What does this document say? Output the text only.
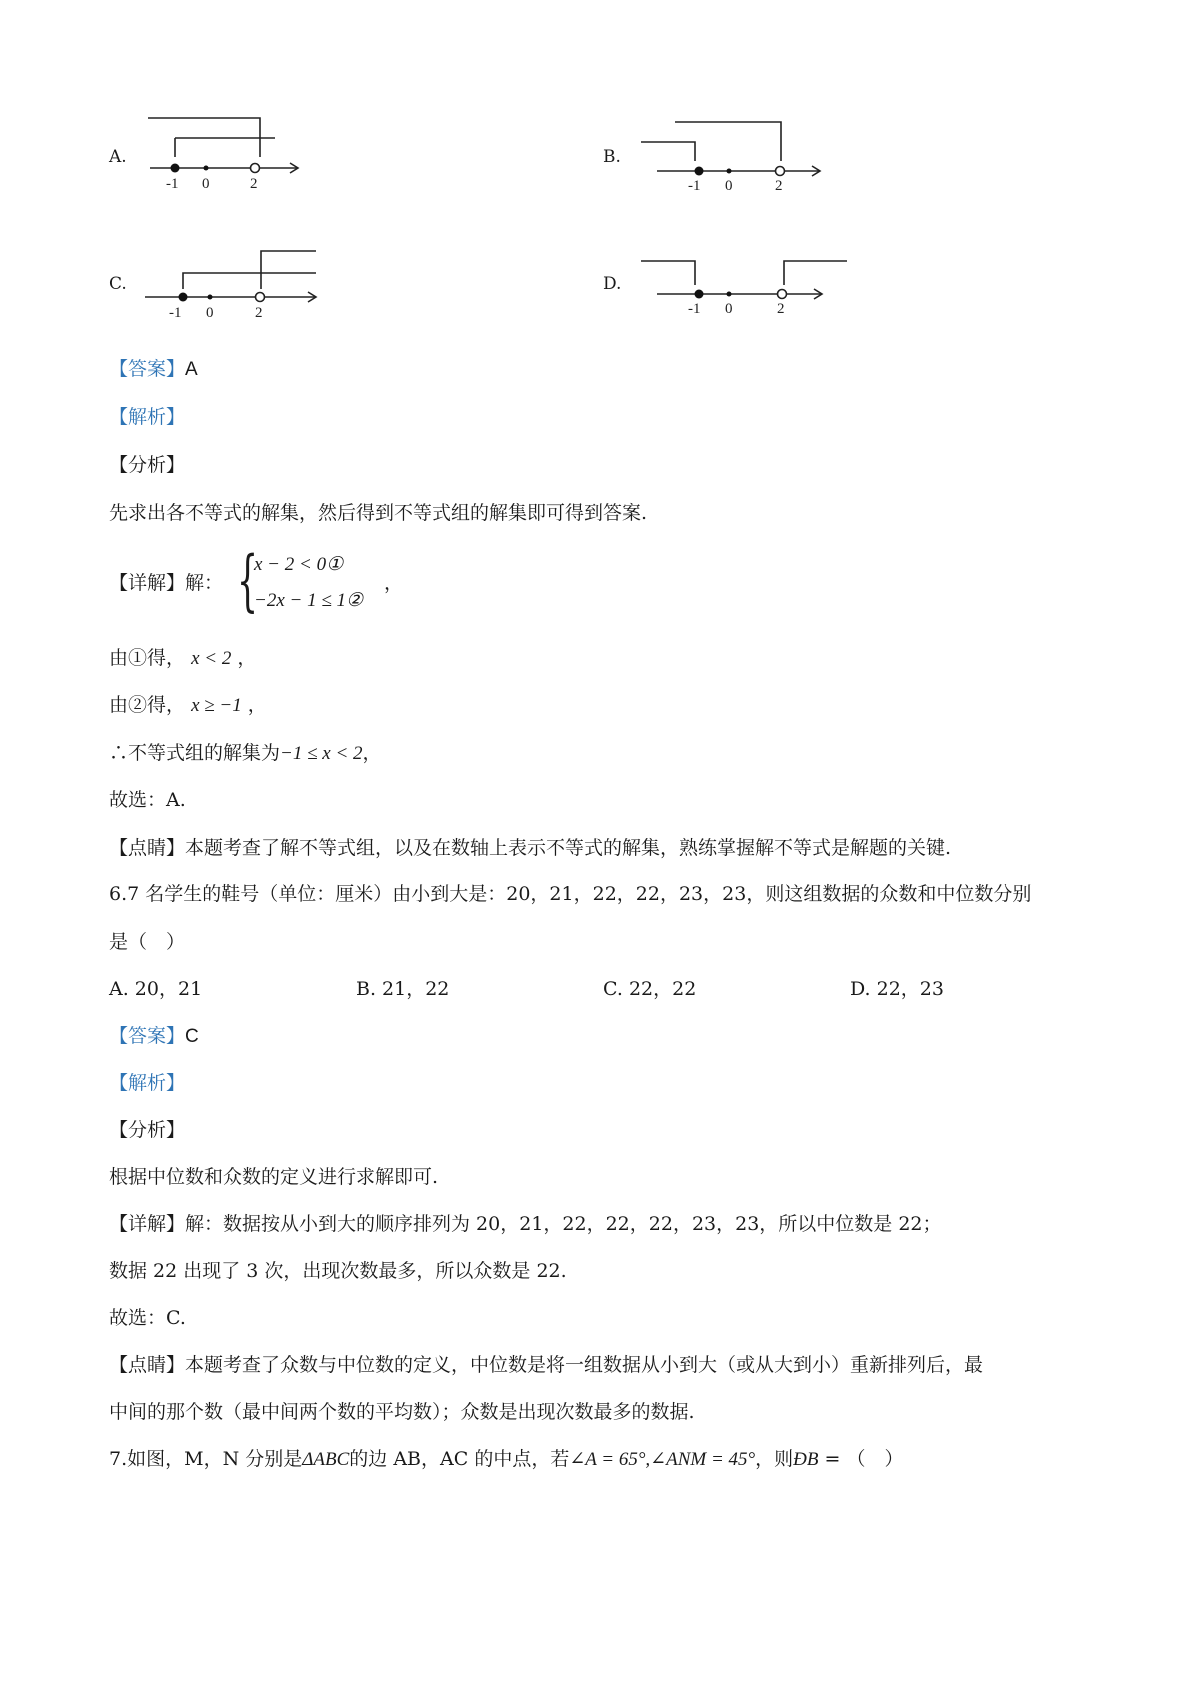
A.
-1 0	2
B.
-1 0	2
C.
-1 0	2
D.
-1 0	2
【答案】A
【解析】
【分析】
先求出各不等式的解集，然后得到不等式组的解集即可得到答案.
【详解】解： {
x − 2 < 0①
−2x − 1 ≤ 1②
，
由①得， x < 2 ，
由②得， x ≥ −1 ，
∴不等式组的解集为−1 ≤ x < 2，
故选：A.
【点睛】本题考查了解不等式组，以及在数轴上表示不等式的解集，熟练掌握解不等式是解题的关键.
6.7 名学生的鞋号（单位：厘米）由小到大是：20，21，22，22，23，23，则这组数据的众数和中位数分别
是（　）
A. 20，21	B. 21，22	C. 22，22	D. 22，23
【答案】C
【解析】
【分析】
根据中位数和众数的定义进行求解即可.
【详解】解：数据按从小到大的顺序排列为 20，21，22，22，22，23，23，所以中位数是 22；
数据 22 出现了 3 次，出现次数最多，所以众数是 22.
故选：C.
【点睛】本题考查了众数与中位数的定义，中位数是将一组数据从小到大（或从大到小）重新排列后，最
中间的那个数（最中间两个数的平均数）；众数是出现次数最多的数据.
7.如图，M，N 分别是ΔABC的边 AB，AC 的中点，若∠A = 65°,∠ANM = 45°，则ÐB = （　）
